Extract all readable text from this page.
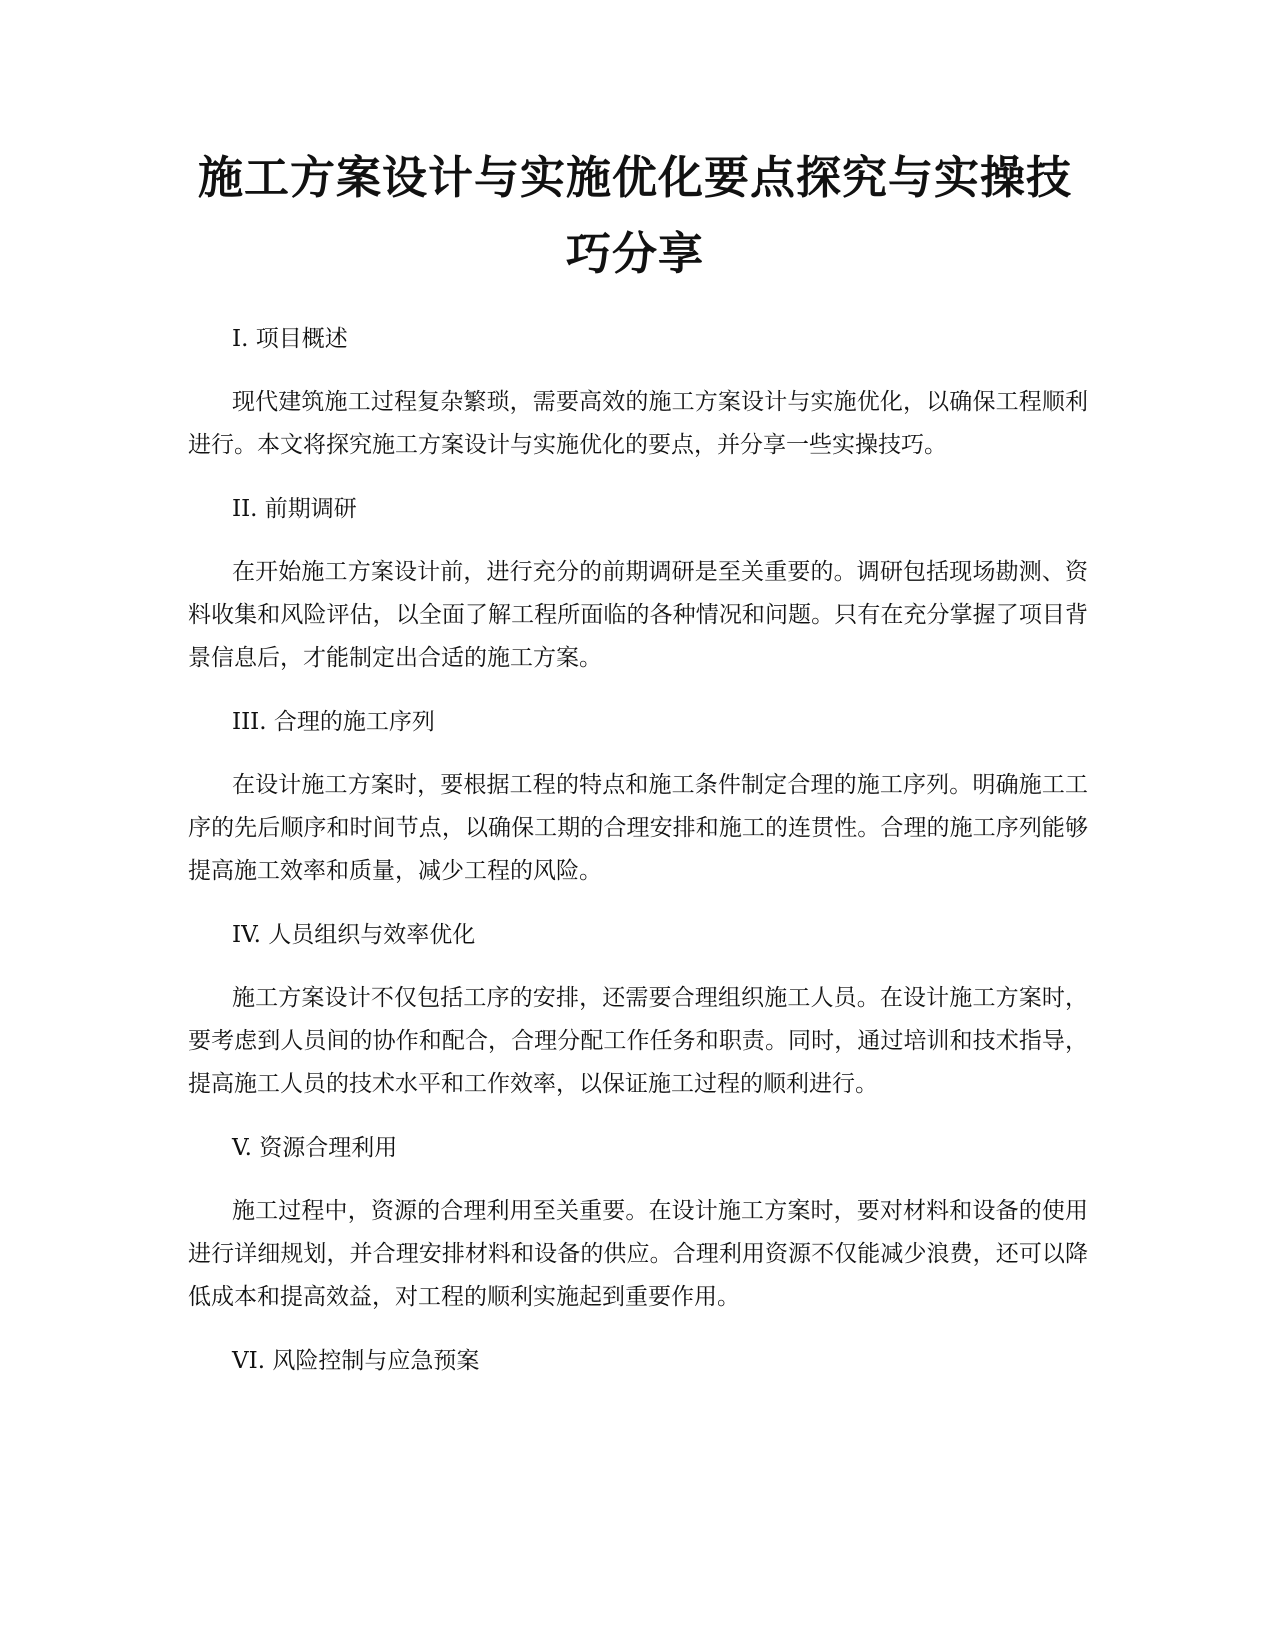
施工方案设计与实施优化要点探究与实操技巧分享

I. 项目概述

现代建筑施工过程复杂繁琐，需要高效的施工方案设计与实施优化，以确保工程顺利进行。本文将探究施工方案设计与实施优化的要点，并分享一些实操技巧。

II. 前期调研

在开始施工方案设计前，进行充分的前期调研是至关重要的。调研包括现场勘测、资料收集和风险评估，以全面了解工程所面临的各种情况和问题。只有在充分掌握了项目背景信息后，才能制定出合适的施工方案。

III. 合理的施工序列

在设计施工方案时，要根据工程的特点和施工条件制定合理的施工序列。明确施工工序的先后顺序和时间节点，以确保工期的合理安排和施工的连贯性。合理的施工序列能够提高施工效率和质量，减少工程的风险。

IV. 人员组织与效率优化

施工方案设计不仅包括工序的安排，还需要合理组织施工人员。在设计施工方案时，要考虑到人员间的协作和配合，合理分配工作任务和职责。同时，通过培训和技术指导，提高施工人员的技术水平和工作效率，以保证施工过程的顺利进行。

V. 资源合理利用

施工过程中，资源的合理利用至关重要。在设计施工方案时，要对材料和设备的使用进行详细规划，并合理安排材料和设备的供应。合理利用资源不仅能减少浪费，还可以降低成本和提高效益，对工程的顺利实施起到重要作用。

VI. 风险控制与应急预案
